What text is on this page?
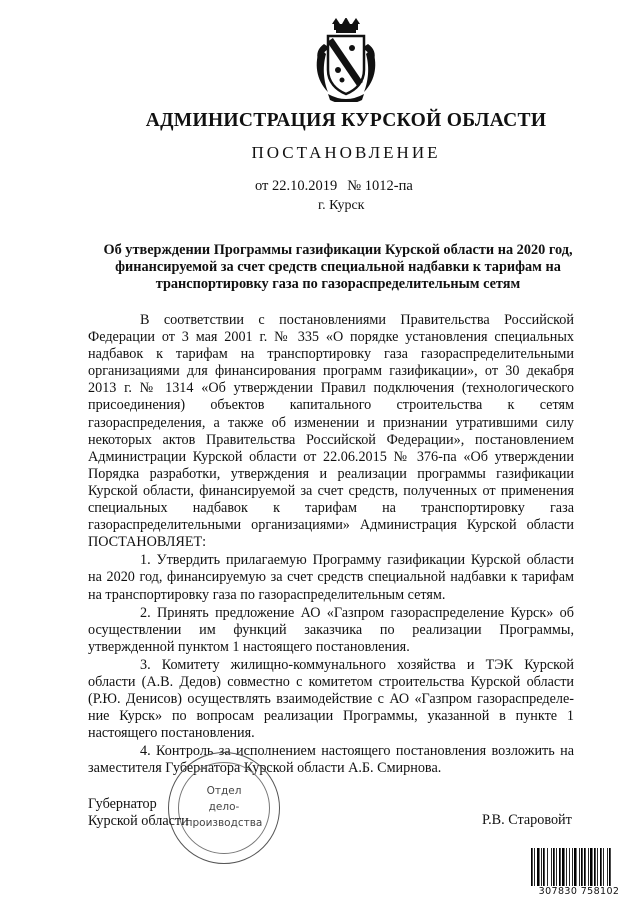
АДМИНИСТРАЦИЯ КУРСКОЙ ОБЛАСТИ
ПОСТАНОВЛЕНИЕ
от 22.10.2019 № 1012-па
г. Курск
Об утверждении Программы газификации Курской области на 2020 год, финансируемой за счет средств специальной надбавки к тарифам на транспортировку газа по газораспределительным сетям

В соответствии с постановлениями Правительства Российской Федерации от 3 мая 2001 г. № 335 «О порядке установления специальных надбавок к тарифам на транспортировку газа газораспределительными организациями для финансирования программ газификации», от 30 декабря 2013 г. № 1314 «Об утверждении Правил подключения (технологического присоединения) объектов капитального строительства к сетям газораспределения, а также об изменении и признании утратившими силу некоторых актов Правительства Российской Федерации», постановлением Администрации Курской области от 22.06.2015 № 376-па «Об утверждении Порядка разработки, утверждения и реализации программы газификации Курской области, финансируемой за счет средств, полученных от применения специальных надбавок к тарифам на транспортировку газа газораспределительными организациями» Администрация Курской области ПОСТАНОВЛЯЕТ:

1. Утвердить прилагаемую Программу газификации Курской области на 2020 год, финансируемую за счет средств специальной надбавки к тарифам на транспортировку газа по газораспределительным сетям.

2. Принять предложение АО «Газпром газораспределение Курск» об осуществлении им функций заказчика по реализации Программы, утвержденной пунктом 1 настоящего постановления.

3. Комитету жилищно-коммунального хозяйства и ТЭК Курской области (А.В. Дедов) совместно с комитетом строительства Курской области (Р.Ю. Денисов) осуществлять взаимодействие с АО «Газпром газораспределе-ние Курск» по вопросам реализации Программы, указанной в пункте 1 настоящего постановления.

4. Контроль за исполнением настоящего постановления возложить на заместителя Губернатора Курской области А.Б. Смирнова.

Отдел
дело-
производства
Губернатор
Курской области	Р.В. Старовойт
307830 758102
